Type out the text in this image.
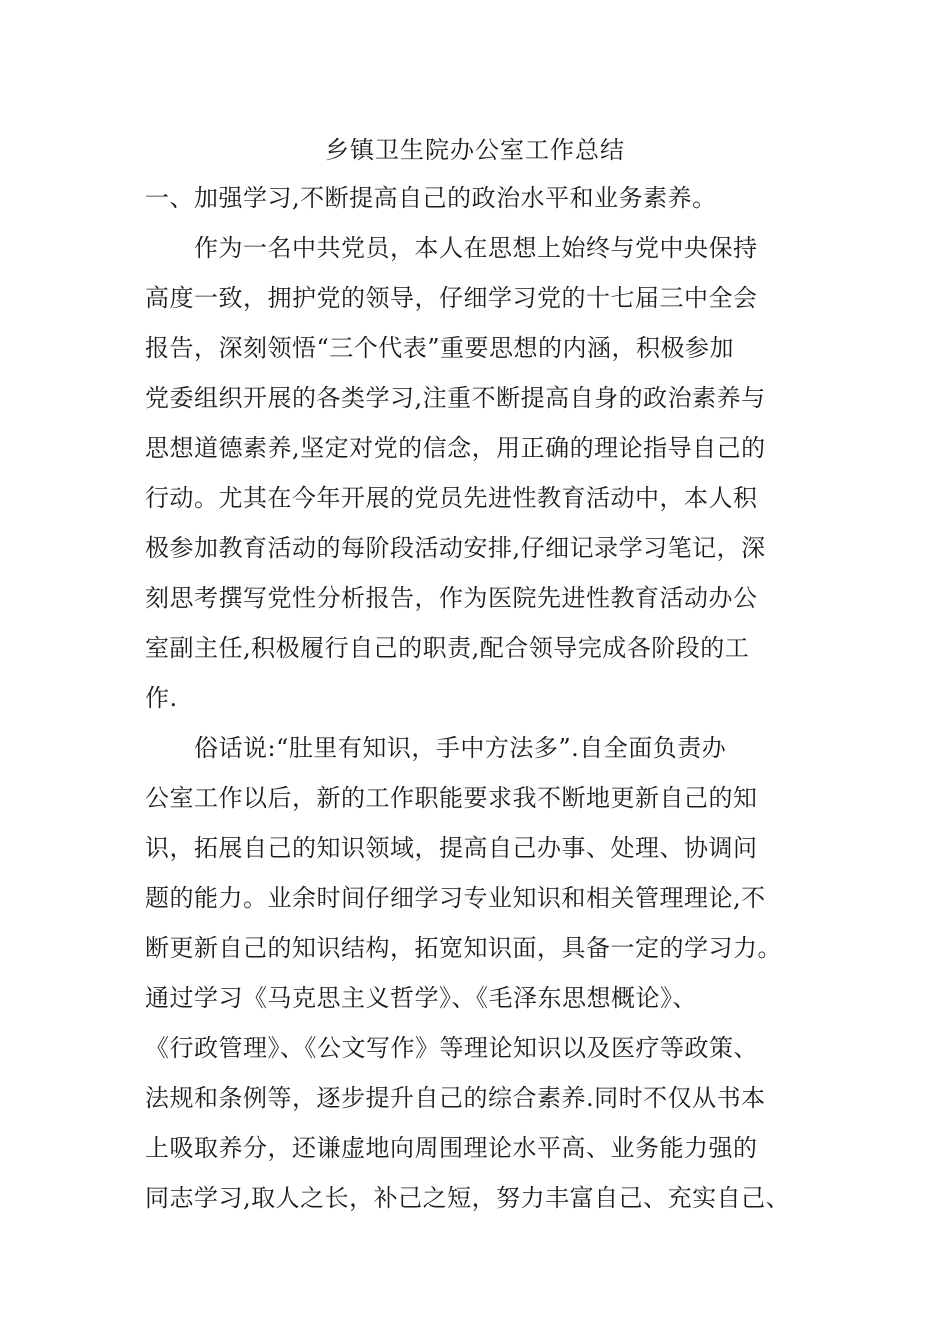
乡镇卫生院办公室工作总结
一、加强学习,不断提高自己的政治水平和业务素养。
　　作为一名中共党员，本人在思想上始终与党中央保持
高度一致，拥护党的领导，仔细学习党的十七届三中全会
报告，深刻领悟“三个代表”重要思想的内涵，积极参加
党委组织开展的各类学习,注重不断提高自身的政治素养与
思想道德素养,坚定对党的信念，用正确的理论指导自己的
行动。尤其在今年开展的党员先进性教育活动中，本人积
极参加教育活动的每阶段活动安排,仔细记录学习笔记，深
刻思考撰写党性分析报告，作为医院先进性教育活动办公
室副主任,积极履行自己的职责,配合领导完成各阶段的工
作.
　　俗话说:“肚里有知识，手中方法多”.自全面负责办
公室工作以后，新的工作职能要求我不断地更新自己的知
识，拓展自己的知识领域，提高自己办事、处理、协调问
题的能力。业余时间仔细学习专业知识和相关管理理论,不
断更新自己的知识结构，拓宽知识面，具备一定的学习力。
通过学习《马克思主义哲学》、《毛泽东思想概论》、
《行政管理》、《公文写作》等理论知识以及医疗等政策、
法规和条例等，逐步提升自己的综合素养.同时不仅从书本
上吸取养分，还谦虚地向周围理论水平高、业务能力强的
同志学习,取人之长，补己之短，努力丰富自己、充实自己、
